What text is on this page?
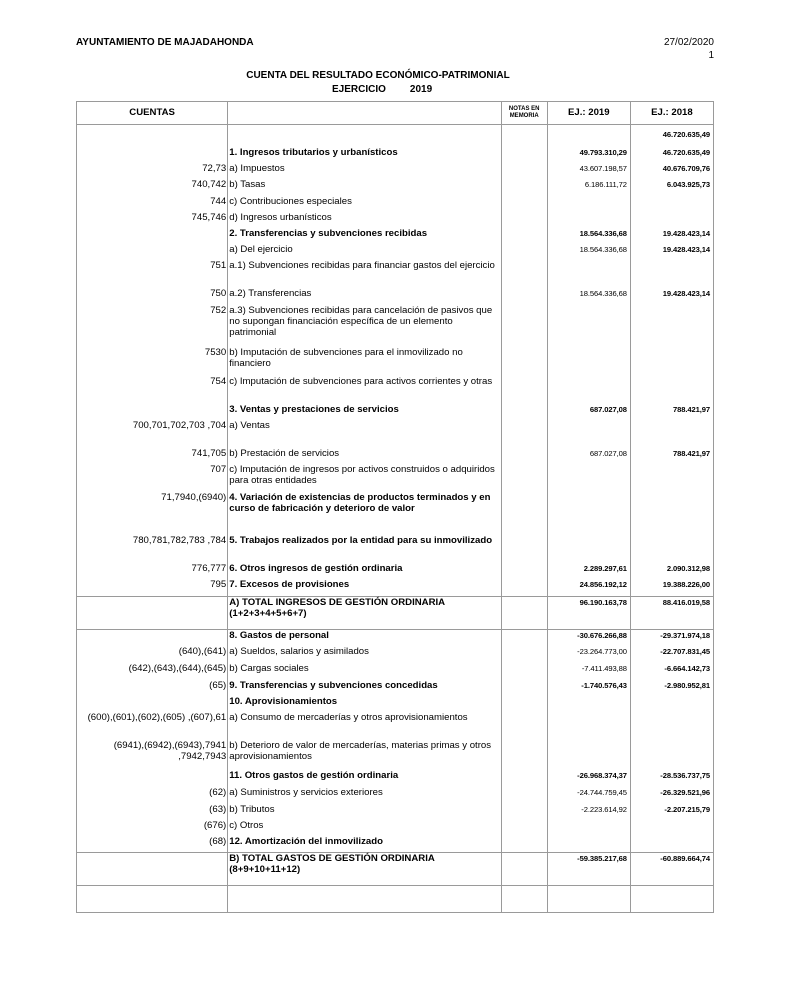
AYUNTAMIENTO DE MAJADAHONDA	27/02/2020
1
CUENTA DEL RESULTADO ECONÓMICO-PATRIMONIAL
EJERCICIO 2019
CUENTAS		NOTAS EN MEMORIA	EJ.: 2019	EJ.: 2018

				46.720.635,49
	1. Ingresos tributarios y urbanísticos		49.793.310,29	46.720.635,49
72,73	a) Impuestos		43.607.198,57	40.676.709,76
740,742	b) Tasas		6.186.111,72	6.043.925,73
744	c) Contribuciones especiales			
745,746	d) Ingresos urbanísticos			
	2. Transferencias y subvenciones recibidas		18.564.336,68	19.428.423,14
	a) Del ejercicio		18.564.336,68	19.428.423,14
751	a.1) Subvenciones recibidas para financiar gastos del ejercicio			
750	a.2) Transferencias		18.564.336,68	19.428.423,14
752	a.3) Subvenciones recibidas para cancelación de pasivos que no supongan financiación específica de un elemento patrimonial			
7530	b) Imputación de subvenciones para el inmovilizado no financiero			
754	c) Imputación de subvenciones para activos corrientes y otras			
	3. Ventas y prestaciones de servicios		687.027,08	788.421,97
700,701,702,703 ,704	a) Ventas			
741,705	b) Prestación de servicios		687.027,08	788.421,97
707	c) Imputación de ingresos por activos construidos o adquiridos para otras entidades			
71,7940,(6940)	4. Variación de existencias de productos terminados y en curso de fabricación y deterioro de valor			
780,781,782,783 ,784	5. Trabajos realizados por la entidad para su inmovilizado			
776,777	6. Otros ingresos de gestión ordinaria		2.289.297,61	2.090.312,98
795	7. Excesos de provisiones		24.856.192,12	19.388.226,00
	A) TOTAL INGRESOS DE GESTIÓN ORDINARIA (1+2+3+4+5+6+7)		96.190.163,78	88.416.019,58
	8. Gastos de personal		-30.676.266,88	-29.371.974,18
(640),(641)	a) Sueldos, salarios y asimilados		-23.264.773,00	-22.707.831,45
(642),(643),(644),(645)	b) Cargas sociales		-7.411.493,88	-6.664.142,73
(65)	9. Transferencias y subvenciones concedidas		-1.740.576,43	-2.980.952,81
	10. Aprovisionamientos			
(600),(601),(602),(605) ,(607),61	a) Consumo de mercaderías y otros aprovisionamientos			
(6941),(6942),(6943),7941 ,7942,7943	b) Deterioro de valor de mercaderías, materias primas y otros aprovisionamientos			
	11. Otros gastos de gestión ordinaria		-26.968.374,37	-28.536.737,75
(62)	a) Suministros y servicios exteriores		-24.744.759,45	-26.329.521,96
(63)	b) Tributos		-2.223.614,92	-2.207.215,79
(676)	c) Otros			
(68)	12. Amortización del inmovilizado			
	B) TOTAL GASTOS DE GESTIÓN ORDINARIA (8+9+10+11+12)		-59.385.217,68	-60.889.664,74
